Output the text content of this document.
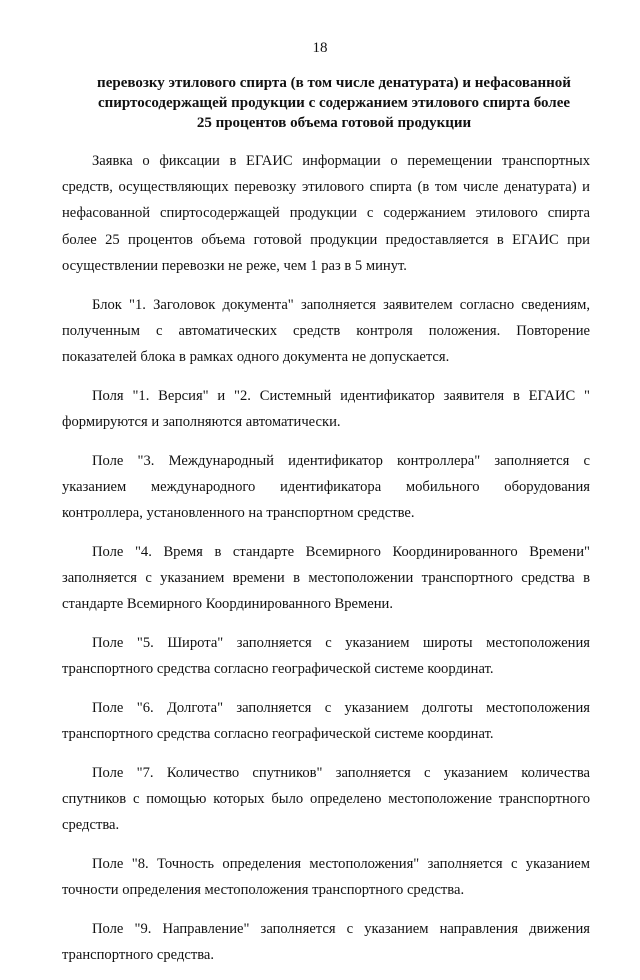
18
перевозку этилового спирта (в том числе денатурата) и нефасованной
спиртосодержащей продукции с содержанием этилового спирта более
25 процентов объема готовой продукции

Заявка о фиксации в ЕГАИС информации о перемещении транспортных средств, осуществляющих перевозку этилового спирта (в том числе денатурата) и нефасованной спиртосодержащей продукции с содержанием этилового спирта более 25 процентов объема готовой продукции предоставляется в ЕГАИС при осуществлении перевозки не реже, чем 1 раз в 5 минут.

Блок "1. Заголовок документа" заполняется заявителем согласно сведениям, полученным с автоматических средств контроля положения. Повторение показателей блока в рамках одного документа не допускается.

Поля "1. Версия" и "2. Системный идентификатор заявителя в ЕГАИС " формируются и заполняются автоматически.

Поле "3. Международный идентификатор контроллера" заполняется с указанием международного идентификатора мобильного оборудования контроллера, установленного на транспортном средстве.

Поле "4. Время в стандарте Всемирного Координированного Времени" заполняется с указанием времени в местоположении транспортного средства в стандарте Всемирного Координированного Времени.

Поле "5. Широта" заполняется с указанием широты местоположения транспортного средства согласно географической системе координат.

Поле "6. Долгота" заполняется с указанием долготы местоположения транспортного средства согласно географической системе координат.

Поле "7. Количество спутников" заполняется с указанием количества спутников с помощью которых было определено местоположение транспортного средства.

Поле "8. Точность определения местоположения" заполняется с указанием точности определения местоположения транспортного средства.

Поле "9. Направление" заполняется с указанием направления движения транспортного средства.
